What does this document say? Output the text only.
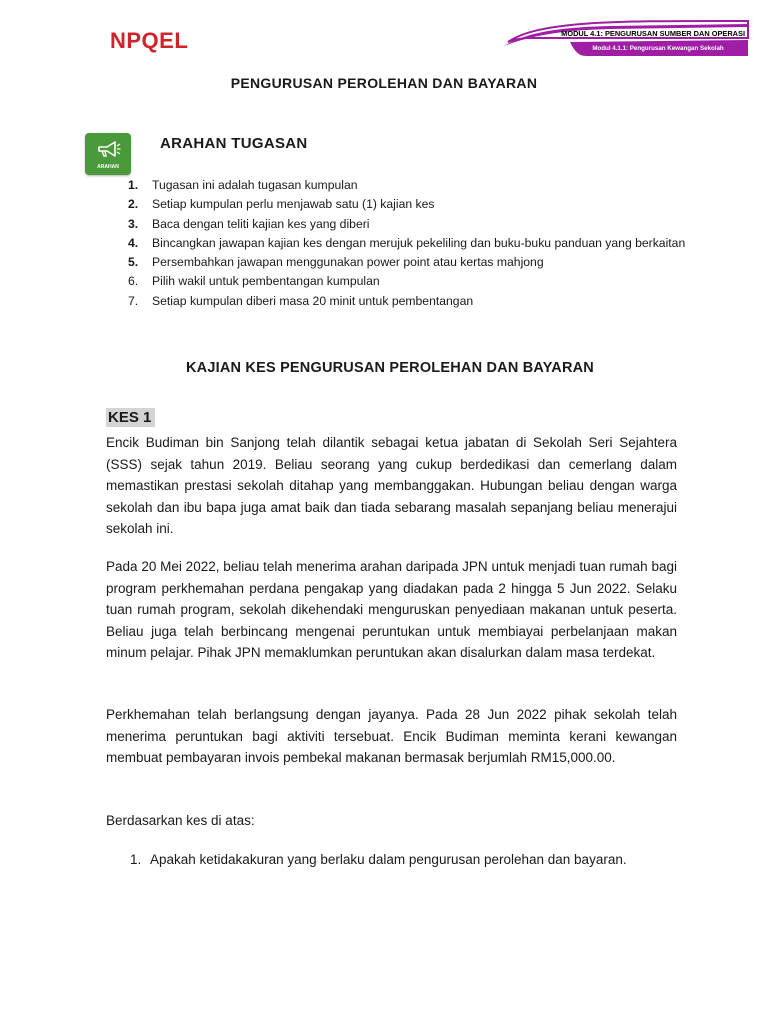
NPQEL	MODUL 4.1: PENGURUSAN SUMBER DAN OPERASI
Modul 4.1.1: Pengurusan Kewangan Sekolah
PENGURUSAN PEROLEHAN DAN BAYARAN
ARAHAN
ARAHAN TUGASAN
1.	Tugasan ini adalah tugasan kumpulan
2.	Setiap kumpulan perlu menjawab satu (1) kajian kes
3.	Baca dengan teliti kajian kes yang diberi
4.	Bincangkan jawapan kajian kes dengan merujuk pekeliling dan buku-buku panduan yang berkaitan
5.	Persembahkan jawapan menggunakan power point atau kertas mahjong
6.	Pilih wakil untuk pembentangan kumpulan
7.	Setiap kumpulan diberi masa 20 minit untuk pembentangan
KAJIAN KES PENGURUSAN PEROLEHAN DAN BAYARAN
KES 1
Encik Budiman bin Sanjong telah dilantik sebagai ketua jabatan di Sekolah Seri Sejahtera (SSS) sejak tahun 2019. Beliau seorang yang cukup berdedikasi dan cemerlang dalam memastikan prestasi sekolah ditahap yang membanggakan. Hubungan beliau dengan warga sekolah dan ibu bapa juga amat baik dan tiada sebarang masalah sepanjang beliau menerajui sekolah ini.
Pada 20 Mei 2022, beliau telah menerima arahan daripada JPN untuk menjadi tuan rumah bagi program perkhemahan perdana pengakap yang diadakan pada 2 hingga 5 Jun 2022. Selaku tuan rumah program, sekolah dikehendaki menguruskan penyediaan makanan untuk peserta. Beliau juga telah berbincang mengenai peruntukan untuk membiayai perbelanjaan makan minum pelajar. Pihak JPN memaklumkan peruntukan akan disalurkan dalam masa terdekat.
Perkhemahan telah berlangsung dengan jayanya. Pada 28 Jun 2022 pihak sekolah telah menerima peruntukan bagi aktiviti tersebuat. Encik Budiman meminta kerani kewangan membuat pembayaran invois pembekal makanan bermasak berjumlah RM15,000.00.
Berdasarkan kes di atas:
1. Apakah ketidakakuran yang berlaku dalam pengurusan perolehan dan bayaran.
